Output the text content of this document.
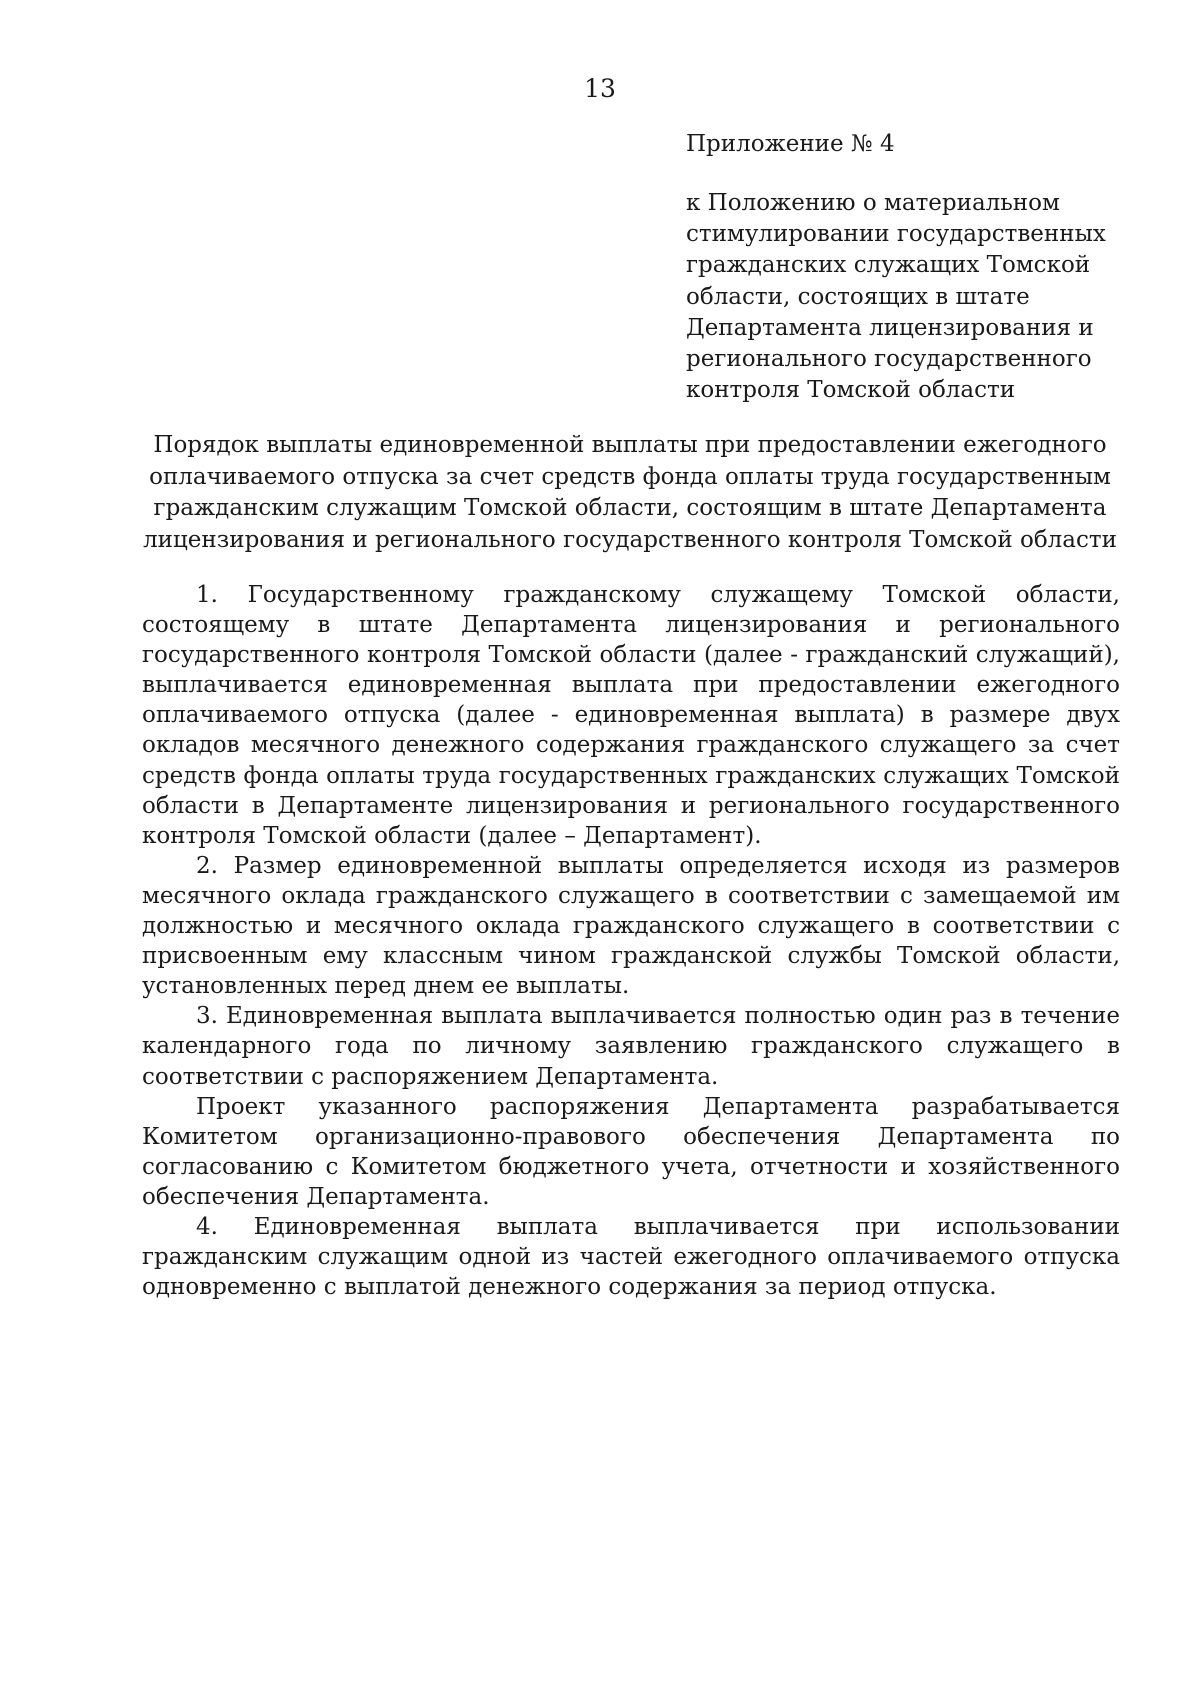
13
Приложение № 4
к Положению о материальном
стимулировании государственных
гражданских служащих Томской
области, состоящих в штате
Департамента лицензирования и
регионального государственного
контроля Томской области
Порядок выплаты единовременной выплаты при предоставлении ежегодного
оплачиваемого отпуска за счет средств фонда оплаты труда государственным
гражданским служащим Томской области, состоящим в штате Департамента
лицензирования и регионального государственного контроля Томской области

1. Государственному гражданскому служащему Томской области, состоящему в штате Департамента лицензирования и регионального государственного контроля Томской области (далее - гражданский служащий), выплачивается единовременная выплата при предоставлении ежегодного оплачиваемого отпуска (далее - единовременная выплата) в размере двух окладов месячного денежного содержания гражданского служащего за счет средств фонда оплаты труда государственных гражданских служащих Томской области в Департаменте лицензирования и регионального государственного контроля Томской области (далее – Департамент).

2. Размер единовременной выплаты определяется исходя из размеров месячного оклада гражданского служащего в соответствии с замещаемой им должностью и месячного оклада гражданского служащего в соответствии с присвоенным ему классным чином гражданской службы Томской области, установленных перед днем ее выплаты.

3. Единовременная выплата выплачивается полностью один раз в течение календарного года по личному заявлению гражданского служащего в соответствии с распоряжением Департамента.

Проект указанного распоряжения Департамента разрабатывается Комитетом организационно-правового обеспечения Департамента по согласованию с Комитетом бюджетного учета, отчетности и хозяйственного обеспечения Департамента.

4. Единовременная выплата выплачивается при использовании гражданским служащим одной из частей ежегодного оплачиваемого отпуска одновременно с выплатой денежного содержания за период отпуска.
